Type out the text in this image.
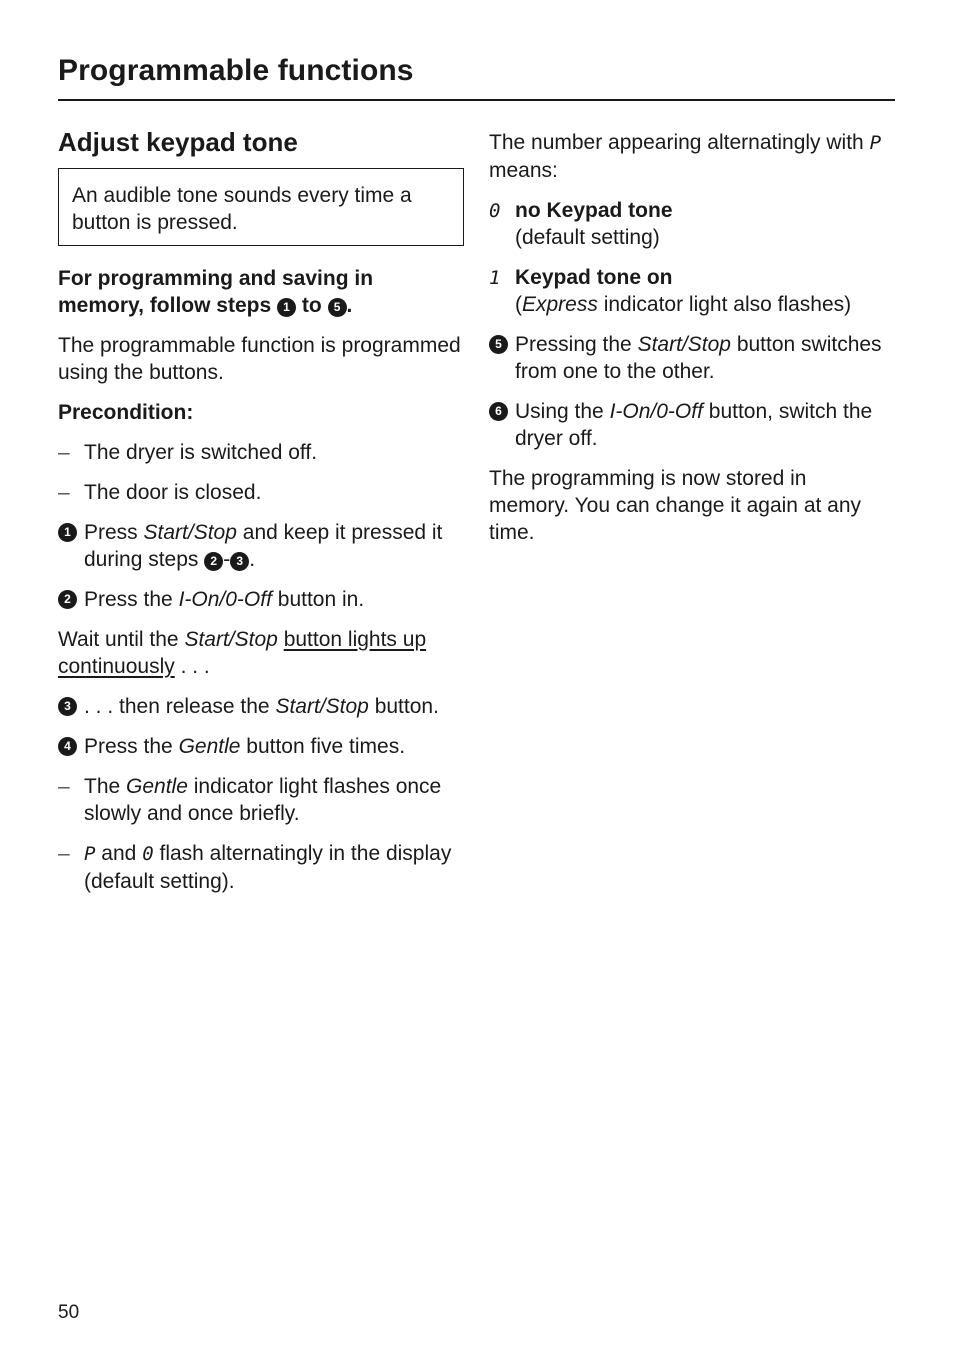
Programmable functions
Adjust keypad tone
An audible tone sounds every time a button is pressed.

For programming and saving in memory, follow steps 1 to 5 .

The programmable function is programmed using the buttons.

Precondition:

– The dryer is switched off.
– The door is closed.
1 Press Start/Stop and keep it pressed it during steps 2 - 3 .
2 Press the I-On/0-Off button in.

Wait until the Start/Stop button lights up continuously . . .

3 . . . then release the Start/Stop button.
4 Press the Gentle button five times.
– The Gentle indicator light flashes once slowly and once briefly.
– P and 0 flash alternatingly in the display (default setting).

The number appearing alternatingly with P means:

0 no Keypad tone
(default setting)
1 Keypad tone on
(Express indicator light also flashes)
5 Pressing the Start/Stop button switches from one to the other.
6 Using the I-On/0-Off button, switch the dryer off.

The programming is now stored in memory. You can change it again at any time.

50
